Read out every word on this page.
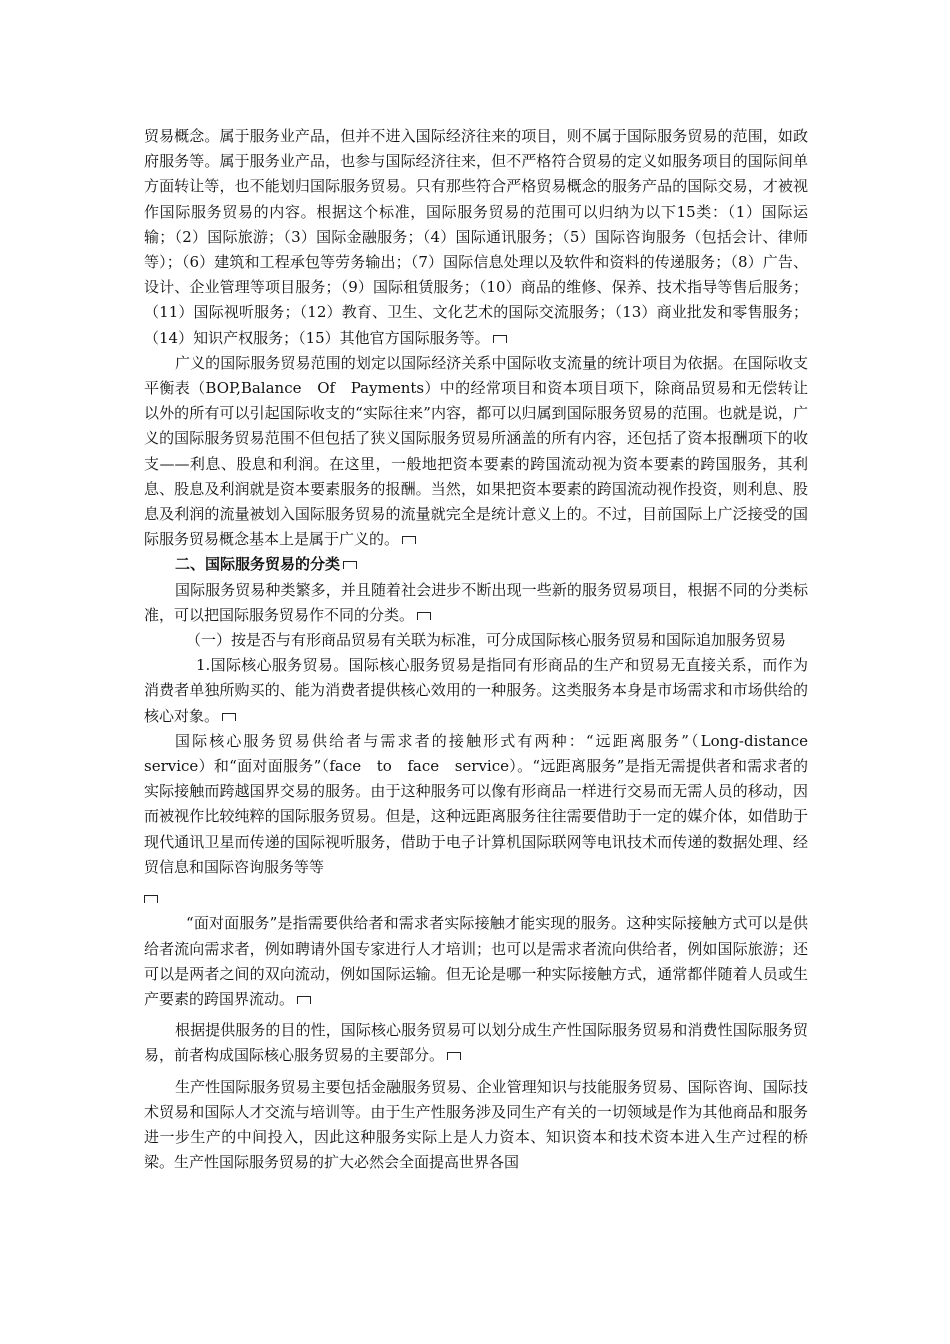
贸易概念。属于服务业产品，但并不进入国际经济往来的项目，则不属于国际服务贸易的范围，如政府服务等。属于服务业产品，也参与国际经济往来，但不严格符合贸易的定义如服务项目的国际间单方面转让等，也不能划归国际服务贸易。只有那些符合严格贸易概念的服务产品的国际交易，才被视作国际服务贸易的内容。根据这个标准，国际服务贸易的范围可以归纳为以下15类：（1）国际运输；（2）国际旅游；（3）国际金融服务；（4）国际通讯服务；（5）国际咨询服务（包括会计、律师等）；（6）建筑和工程承包等劳务输出；（7）国际信息处理以及软件和资料的传递服务；（8）广告、设计、企业管理等项目服务；（9）国际租赁服务；（10）商品的维修、保养、技术指导等售后服务；（11）国际视听服务；（12）教育、卫生、文化艺术的国际交流服务；（13）商业批发和零售服务；（14）知识产权服务；（15）其他官方国际服务等。

广义的国际服务贸易范围的划定以国际经济关系中国际收支流量的统计项目为依据。在国际收支平衡表（BOP,Balance　Of　Payments）中的经常项目和资本项目项下，除商品贸易和无偿转让以外的所有可以引起国际收支的“实际往来”内容，都可以归属到国际服务贸易的范围。也就是说，广义的国际服务贸易范围不但包括了狭义国际服务贸易所涵盖的所有内容，还包括了资本报酬项下的收支——利息、股息和利润。在这里，一般地把资本要素的跨国流动视为资本要素的跨国服务，其利息、股息及利润就是资本要素服务的报酬。当然，如果把资本要素的跨国流动视作投资，则利息、股息及利润的流量被划入国际服务贸易的流量就完全是统计意义上的。不过，目前国际上广泛接受的国际服务贸易概念基本上是属于广义的。

二、国际服务贸易的分类

国际服务贸易种类繁多，并且随着社会进步不断出现一些新的服务贸易项目，根据不同的分类标准，可以把国际服务贸易作不同的分类。

（一）按是否与有形商品贸易有关联为标准，可分成国际核心服务贸易和国际追加服务贸易

1.国际核心服务贸易。国际核心服务贸易是指同有形商品的生产和贸易无直接关系，而作为消费者单独所购买的、能为消费者提供核心效用的一种服务。这类服务本身是市场需求和市场供给的核心对象。

国际核心服务贸易供给者与需求者的接触形式有两种：“远距离服务”（Long-distance　service）和“面对面服务”（face　to　face　service）。“远距离服务”是指无需提供者和需求者的实际接触而跨越国界交易的服务。由于这种服务可以像有形商品一样进行交易而无需人员的移动，因而被视作比较纯粹的国际服务贸易。但是，这种远距离服务往往需要借助于一定的媒介体，如借助于现代通讯卫星而传递的国际视听服务，借助于电子计算机国际联网等电讯技术而传递的数据处理、经贸信息和国际咨询服务等等

“面对面服务”是指需要供给者和需求者实际接触才能实现的服务。这种实际接触方式可以是供给者流向需求者，例如聘请外国专家进行人才培训；也可以是需求者流向供给者，例如国际旅游；还可以是两者之间的双向流动，例如国际运输。但无论是哪一种实际接触方式，通常都伴随着人员或生产要素的跨国界流动。

根据提供服务的目的性，国际核心服务贸易可以划分成生产性国际服务贸易和消费性国际服务贸易，前者构成国际核心服务贸易的主要部分。

生产性国际服务贸易主要包括金融服务贸易、企业管理知识与技能服务贸易、国际咨询、国际技术贸易和国际人才交流与培训等。由于生产性服务涉及同生产有关的一切领域是作为其他商品和服务进一步生产的中间投入，因此这种服务实际上是人力资本、知识资本和技术资本进入生产过程的桥梁。生产性国际服务贸易的扩大必然会全面提高世界各国
